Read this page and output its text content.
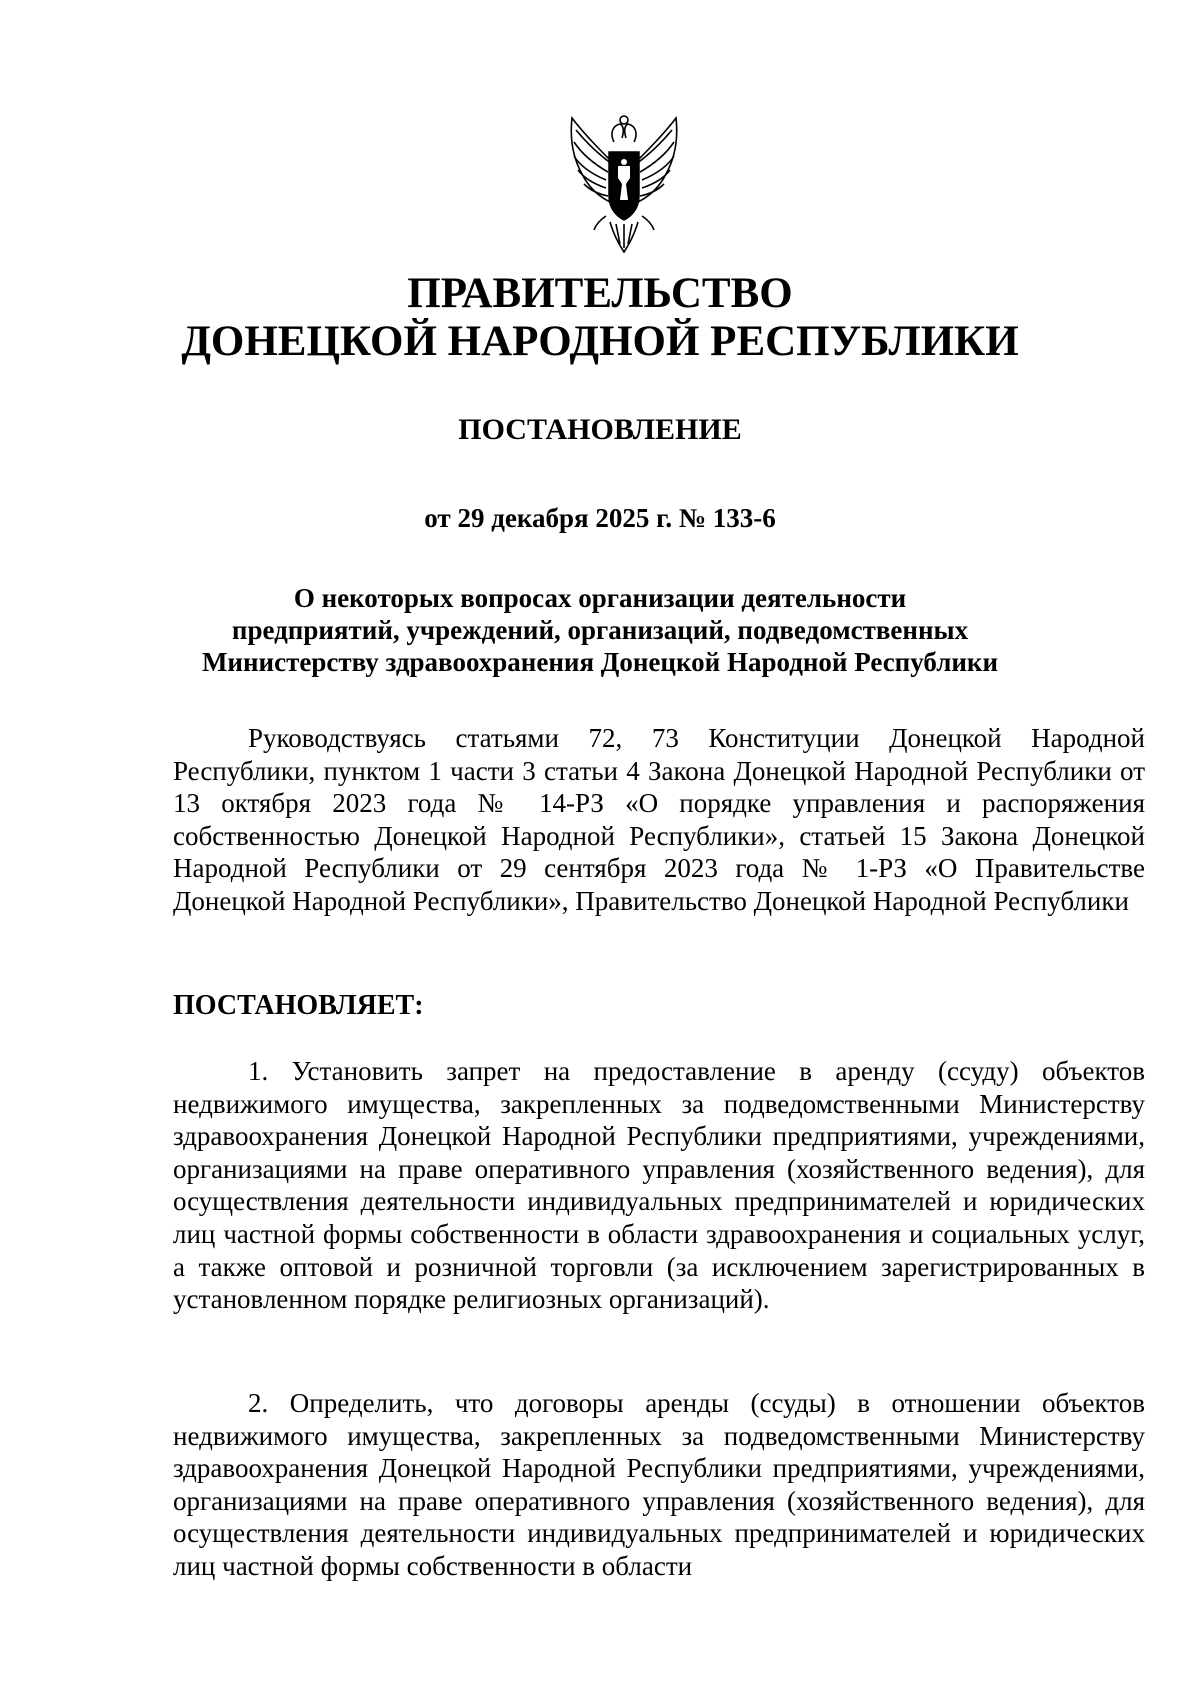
ПРАВИТЕЛЬСТВО
ДОНЕЦКОЙ НАРОДНОЙ РЕСПУБЛИКИ
ПОСТАНОВЛЕНИЕ
от 29 декабря 2025 г. № 133-6
О некоторых вопросах организации деятельности
предприятий, учреждений, организаций, подведомственных
Министерству здравоохранения Донецкой Народной Республики

Руководствуясь статьями 72, 73 Конституции Донецкой Народной Республики, пунктом 1 части 3 статьи 4 Закона Донецкой Народной Республики от 13 октября 2023 года № 14-РЗ «О порядке управления и распоряжения собственностью Донецкой Народной Республики», статьей 15 Закона Донецкой Народной Республики от 29 сентября 2023 года № 1-РЗ «О Правительстве Донецкой Народной Республики», Правительство Донецкой Народной Республики

ПОСТАНОВЛЯЕТ:

1. Установить запрет на предоставление в аренду (ссуду) объектов недвижимого имущества, закрепленных за подведомственными Министерству здравоохранения Донецкой Народной Республики предприятиями, учреждениями, организациями на праве оперативного управления (хозяйственного ведения), для осуществления деятельности индивидуальных предпринимателей и юридических лиц частной формы собственности в области здравоохранения и социальных услуг, а также оптовой и розничной торговли (за исключением зарегистрированных в установленном порядке религиозных организаций).

2. Определить, что договоры аренды (ссуды) в отношении объектов недвижимого имущества, закрепленных за подведомственными Министерству здравоохранения Донецкой Народной Республики предприятиями, учреждениями, организациями на праве оперативного управления (хозяйственного ведения), для осуществления деятельности индивидуальных предпринимателей и юридических лиц частной формы собственности в области
